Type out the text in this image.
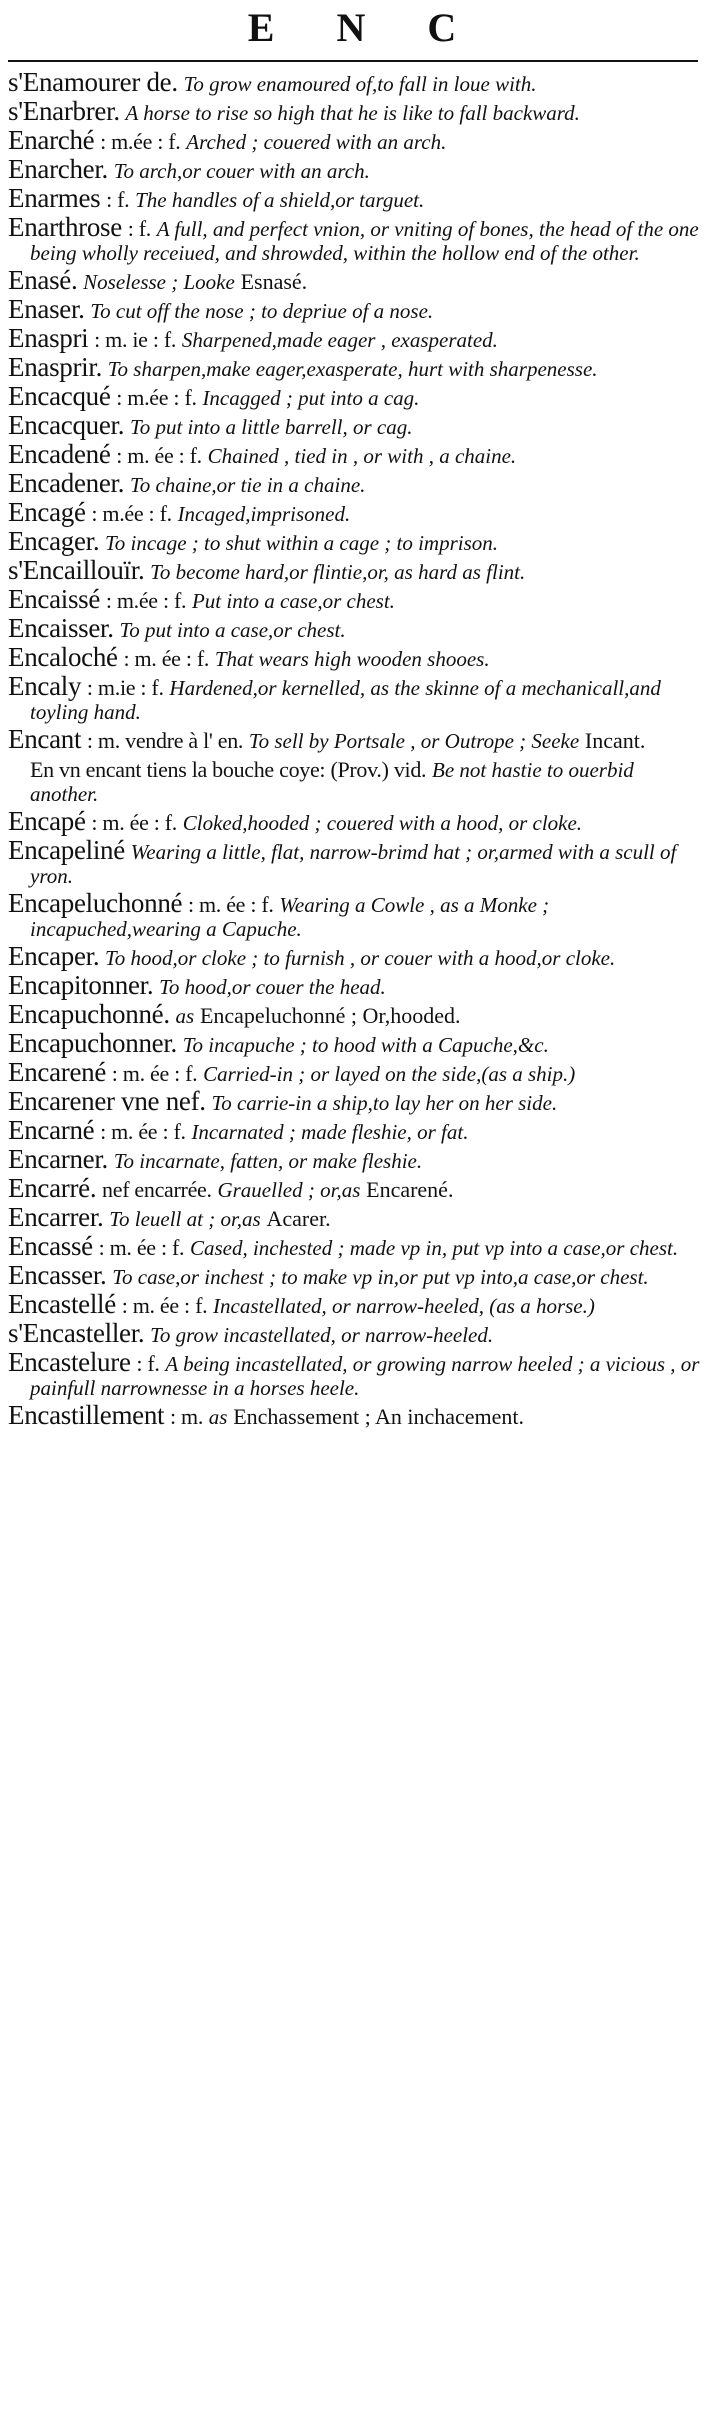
E N C

s'Enamourer de. To grow enamoured of,to fall in loue with.

s'Enarbrer. A horse to rise so high that he is like to fall backward.

Enarché : m.ée : f. Arched ; couered with an arch.

Enarcher. To arch,or couer with an arch.

Enarmes : f. The handles of a shield,or targuet.

Enarthrose : f. A full, and perfect vnion, or vniting of bones, the head of the one being wholly receiued, and shrowded, within the hollow end of the other.

Enasé. Noselesse ; Looke Esnasé.

Enaser. To cut off the nose ; to depriue of a nose.

Enaspri : m. ie : f. Sharpened,made eager , exasperated.

Enasprir. To sharpen,make eager,exasperate, hurt with sharpenesse.

Encacqué : m.ée : f. Incagged ; put into a cag.

Encacquer. To put into a little barrell, or cag.

Encadené : m. ée : f. Chained , tied in , or with , a chaine.

Encadener. To chaine,or tie in a chaine.

Encagé : m.ée : f. Incaged,imprisoned.

Encager. To incage ; to shut within a cage ; to imprison.

s'Encaillouïr. To become hard,or flintie,or, as hard as flint.

Encaissé : m.ée : f. Put into a case,or chest.

Encaisser. To put into a case,or chest.

Encaloché : m. ée : f. That wears high wooden shooes.

Encaly : m.ie : f. Hardened,or kernelled, as the skinne of a mechanicall,and toyling hand.

Encant : m. vendre à l' en. To sell by Portsale , or Outrope ; Seeke Incant.

En vn encant tiens la bouche coye: (Prov.) vid. Be not hastie to ouerbid another.

Encapé : m. ée : f. Cloked,hooded ; couered with a hood, or cloke.

Encapeliné Wearing a little, flat, narrow-brimd hat ; or,armed with a scull of yron.

Encapeluchonné : m. ée : f. Wearing a Cowle , as a Monke ; incapuched,wearing a Capuche.

Encaper. To hood,or cloke ; to furnish , or couer with a hood,or cloke.

Encapitonner. To hood,or couer the head.

Encapuchonné. as Encapeluchonné ; Or,hooded.

Encapuchonner. To incapuche ; to hood with a Capuche,&c.

Encarené : m. ée : f. Carried-in ; or layed on the side,(as a ship.)

Encarener vne nef. To carrie-in a ship,to lay her on her side.

Encarné : m. ée : f. Incarnated ; made fleshie, or fat.

Encarner. To incarnate, fatten, or make fleshie.

Encarré. nef encarrée. Grauelled ; or,as Encarené.

Encarrer. To leuell at ; or,as Acarer.

Encassé : m. ée : f. Cased, inchested ; made vp in, put vp into a case,or chest.

Encasser. To case,or inchest ; to make vp in,or put vp into,a case,or chest.

Encastellé : m. ée : f. Incastellated, or narrow-heeled, (as a horse.)

s'Encasteller. To grow incastellated, or narrow-heeled.

Encastelure : f. A being incastellated, or growing narrow heeled ; a vicious , or painfull narrownesse in a horses heele.

Encastillement : m. as Enchassement ; An inchacement.
